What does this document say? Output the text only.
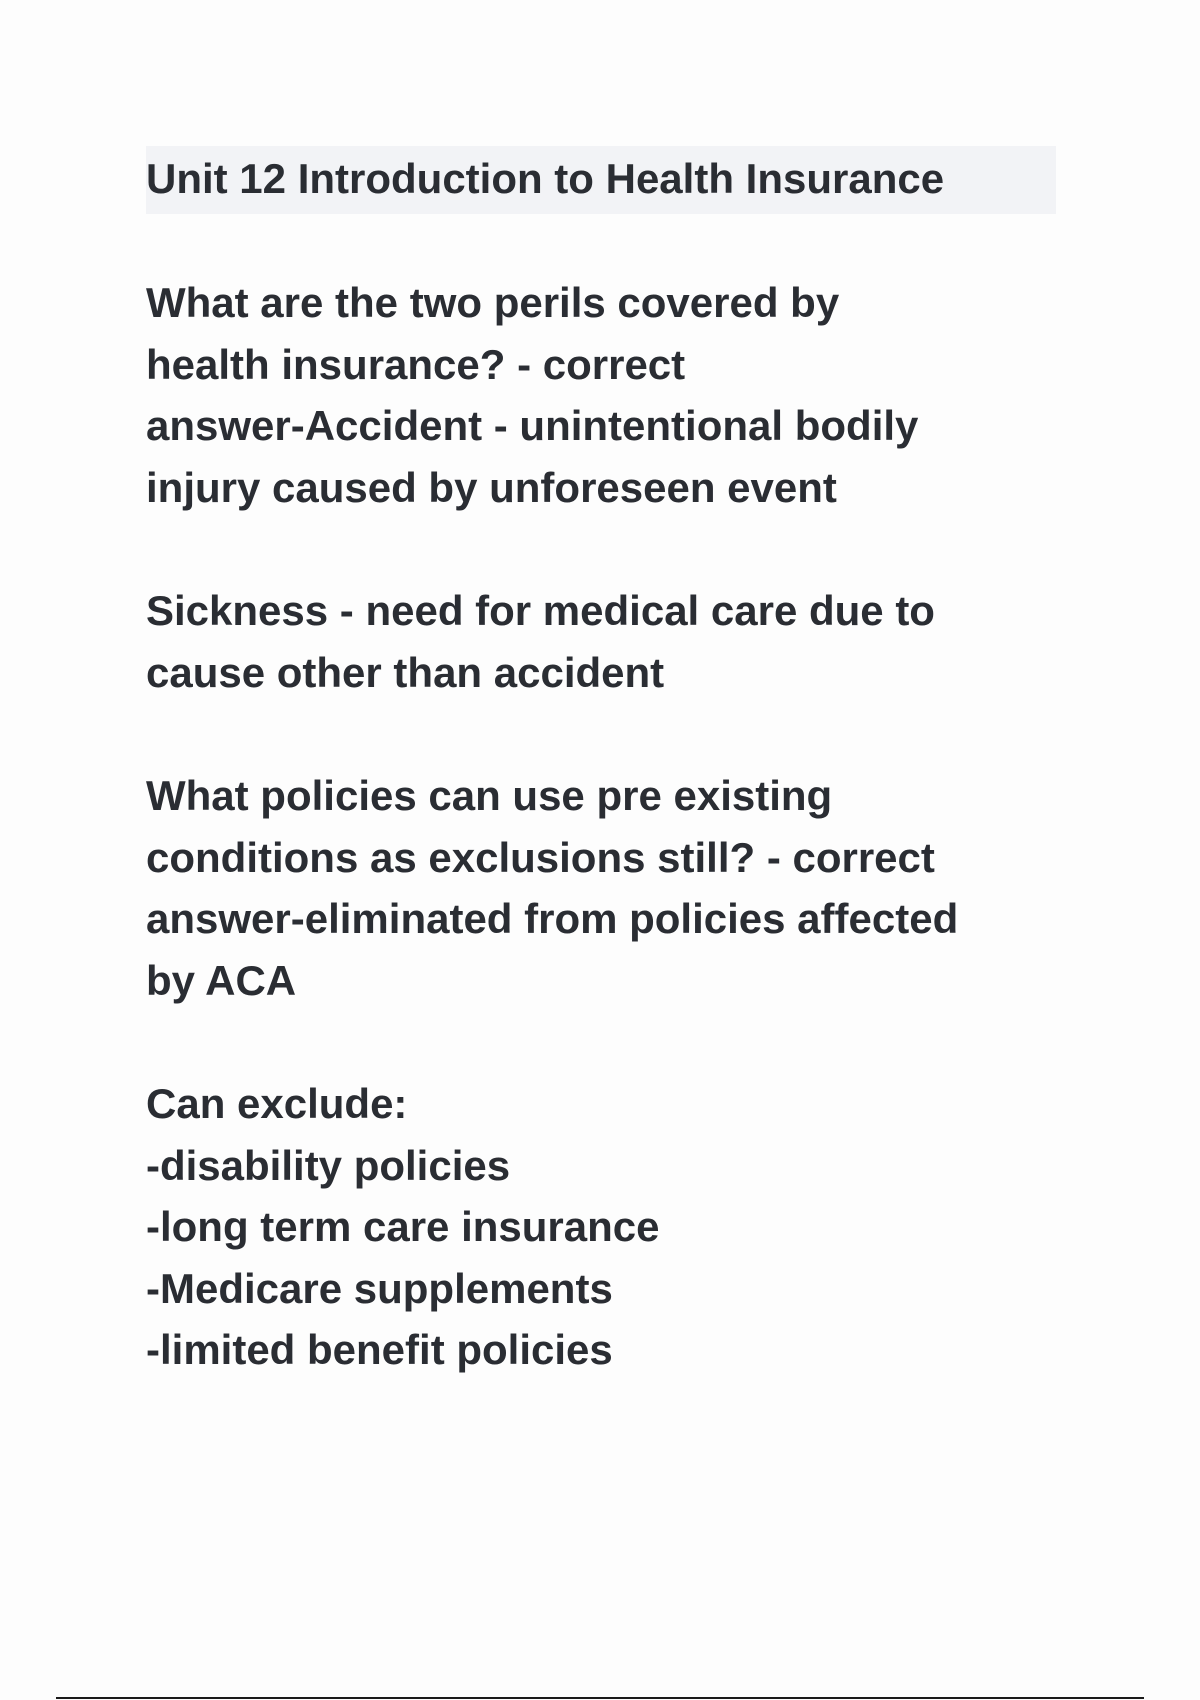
Unit 12 Introduction to Health Insurance

What are the two perils covered by
health insurance? - correct
answer-Accident - unintentional bodily
injury caused by unforeseen event

Sickness - need for medical care due to
cause other than accident

What policies can use pre existing
conditions as exclusions still? - correct
answer-eliminated from policies affected
by ACA

Can exclude:
-disability policies
-long term care insurance
-Medicare supplements
-limited benefit policies
